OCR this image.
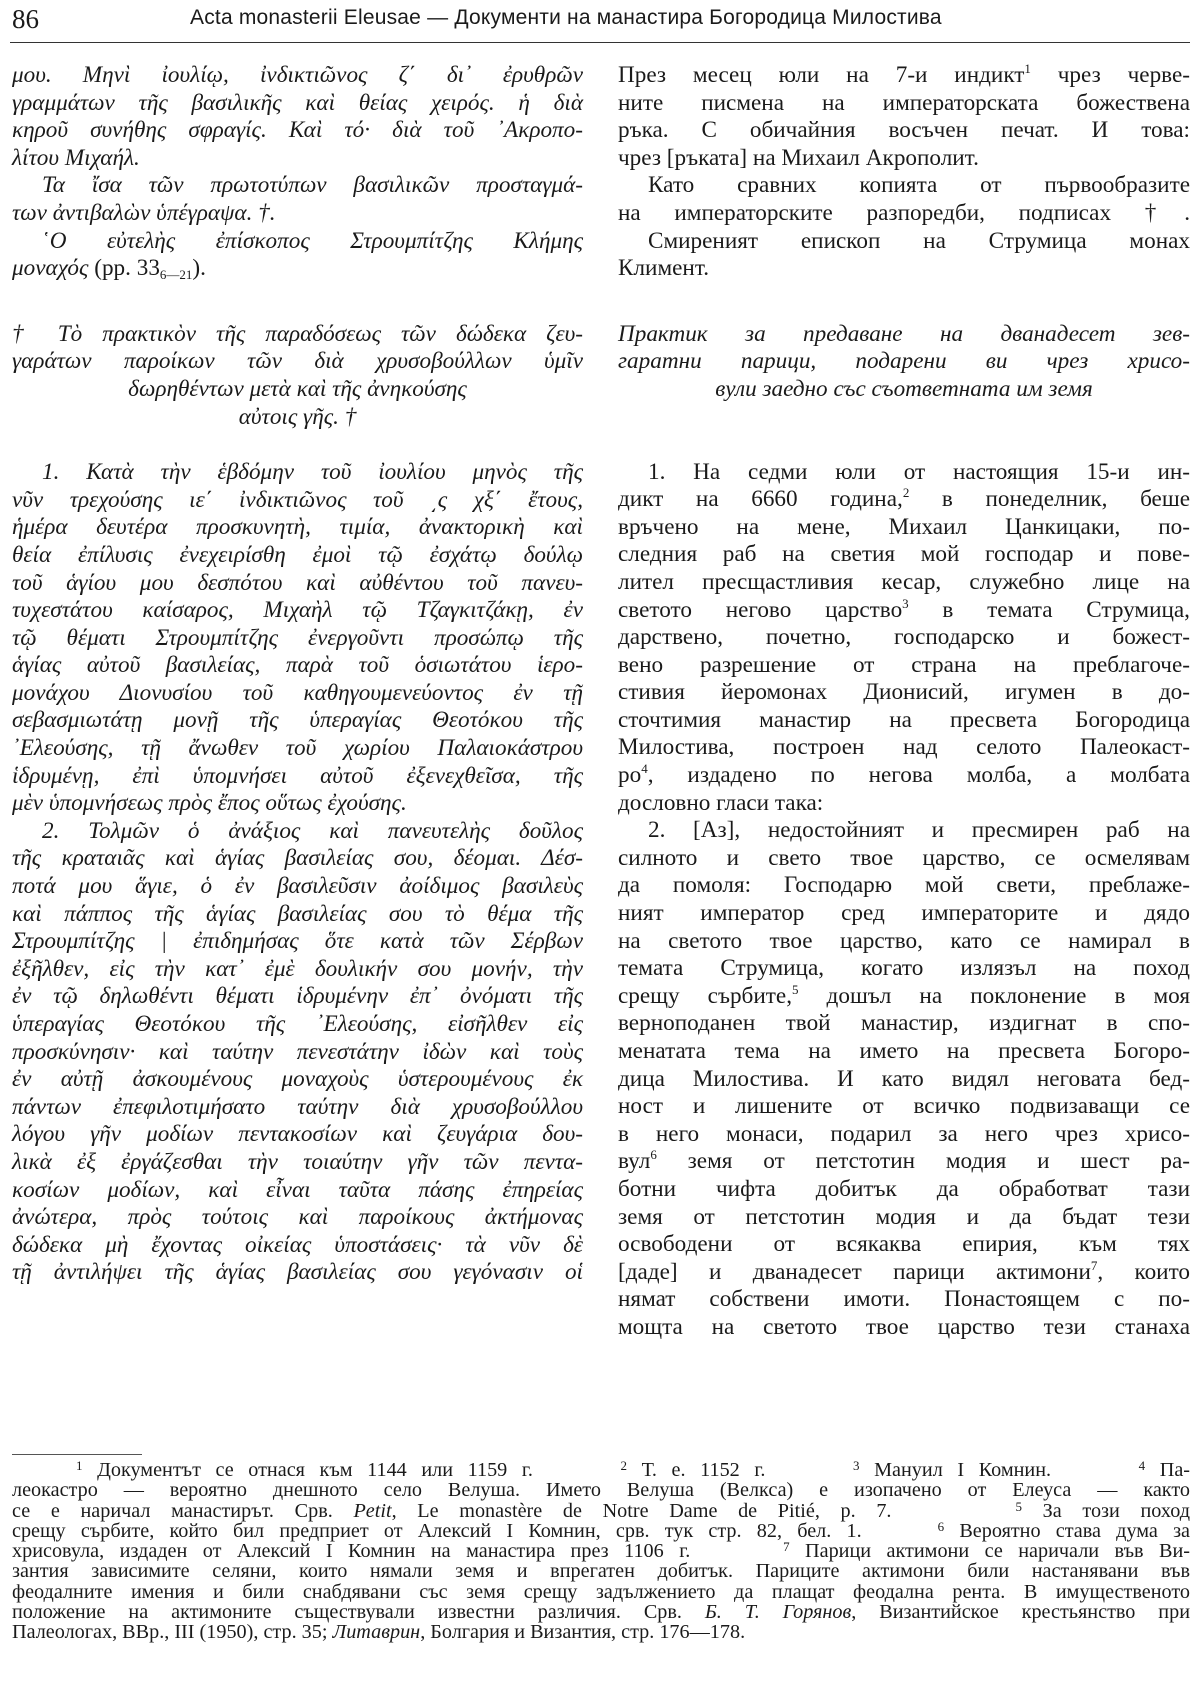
86	Acta monasterii Eleusae — Документи на манастира Богородица Милостива
μου. Μηνὶ ἰουλίῳ, ἰνδικτιῶνος ζ΄ δι᾿ ἐρυθρῶν
γραμμάτων τῆς βασιλικῆς καὶ θείας χειρός. ἡ διὰ
κηροῦ συνήθης σφραγίς. Καὶ τό· διὰ τοῦ ᾿Ακροπο-
λίτου Μιχαήλ.
Τα ἴσα τῶν πρωτοτύπων βασιλικῶν προσταγμά-
των ἀντιβαλὼν ὑπέγραψα. †.
῾Ο εὐτελὴς ἐπίσκοπος Στρουμπίτζης Κλήμης
μοναχός (pp. $33_{6—21}$).
† Τὸ πρακτικὸν τῆς παραδόσεως τῶν δώδεκα ζευ-
γαράτων παροίκων τῶν διὰ χρυσοβούλλων ὑμῖν
δωρηθέντων μετὰ καὶ τῆς ἀνηκούσης
αὐτοις γῆς. †
1. Κατὰ τὴν ἑβδόμην τοῦ ἰουλίου μηνὸς τῆς
νῦν τρεχούσης ιε΄ ἰνδικτιῶνος τοῦ ͵ς χξ΄ ἔτους,
ἡμέρα δευτέρα προσκυνητὴ, τιμία, ἀνακτορικὴ καὶ
θεία ἐπίλυσις ἐνεχειρίσθη ἐμοὶ τῷ ἐσχάτῳ δούλῳ
τοῦ ἁγίου μου δεσπότου καὶ αὐθέντου τοῦ πανευ-
τυχεστάτου καίσαρος, Μιχαὴλ τῷ Τζαγκιτζάκῃ, ἐν
τῷ θέματι Στρουμπίτζης ἐνεργοῦντι προσώπῳ τῆς
ἁγίας αὐτοῦ βασιλείας, παρὰ τοῦ ὁσιωτάτου ἱερο-
μονάχου Διονυσίου τοῦ καθηγουμενεύοντος ἐν τῇ
σεβασμιωτάτῃ μονῇ τῆς ὑπεραγίας Θεοτόκου τῆς
᾿Ελεούσης, τῇ ἄνωθεν τοῦ χωρίου Παλαιοκάστρου
ἱδρυμένῃ, ἐπὶ ὑπομνήσει αὐτοῦ ἐξενεχθεῖσα, τῆς
μὲν ὑπομνήσεως πρὸς ἔπος οὕτως ἐχούσης.
2. Τολμῶν ὁ ἀνάξιος καὶ πανευτελὴς δοῦλος
τῆς κραταιᾶς καὶ ἁγίας βασιλείας σου, δέομαι. Δέσ-
ποτά μου ἅγιε, ὁ ἐν βασιλεῦσιν ἀοίδιμος βασιλεὺς
καὶ πάππος τῆς ἁγίας βασιλείας σου τὸ θέμα τῆς
Στρουμπίτζης | ἐπιδημήσας ὅτε κατὰ τῶν Σέρβων
ἐξῆλθεν, εἰς τὴν κατ᾿ ἐμὲ δουλικήν σου μονήν, τὴν
ἐν τῷ δηλωθέντι θέματι ἱδρυμένην ἐπ᾿ ὀνόματι τῆς
ὑπεραγίας Θεοτόκου τῆς ᾿Ελεούσης, εἰσῆλθεν εἰς
προσκύνησιν· καὶ ταύτην πενεστάτην ἰδὼν καὶ τοὺς
ἐν αὐτῇ ἀσκουμένους μοναχοὺς ὑστερουμένους ἐκ
πάντων ἐπεφιλοτιμήσατο ταύτην διὰ χρυσοβούλλου
λόγου γῆν μοδίων πεντακοσίων καὶ ζευγάρια δου-
λικὰ ἐξ ἐργάζεσθαι τὴν τοιαύτην γῆν τῶν πεντα-
κοσίων μοδίων, καὶ εἶναι ταῦτα πάσης ἐπηρείας
ἀνώτερα, πρὸς τούτοις καὶ παροίκους ἀκτήμονας
δώδεκα μὴ ἔχοντας οἰκείας ὑποστάσεις· τὰ νῦν δὲ
τῇ ἀντιλήψει τῆς ἁγίας βασιλείας σου γεγόνασιν οἱ
През месец юли на 7-и индикт$^1$ чрез черве-
ните писмена на императорската божествена
ръка. С обичайния восъчен печат. И това:
чрез [ръката] на Михаил Акрополит.
Като сравних копията от първообразите
на императорските разпоредби, подписах †.
Смиреният епископ на Струмица монах
Климент.
Практик за предаване на дванадесет зев-
гаратни парици, подарени ви чрез хрисо-
вули заедно със съответната им земя
1. На седми юли от настоящия 15-и ин-
дикт на 6660 година,$^2$ в понеделник, беше
връчено на мене, Михаил Цанкицаки, по-
следния раб на светия мой господар и пове-
лител пресщастливия кесар, служебно лице на
светото негово царство$^3$ в темата Струмица,
дарствено, почетно, господарско и божест-
вено разрешение от страна на преблагоче-
стивия йеромонах Дионисий, игумен в до-
сточтимия манастир на пресвета Богородица
Милостива, построен над селото Палеокаст-
$ро^4$, издадено по негова молба, а молбата
дословно гласи така:
2. [Аз], недостойният и пресмирен раб на
силното и свето твое царство, се осмелявам
да помоля: Господарю мой свети, преблаже-
ният император сред императорите и дядо
на светото твое царство, като се намирал в
темата Струмица, когато излязъл на поход
срещу сърбите,$^5$ дошъл на поклонение в моя
верноподанен твой манастир, издигнат в спо-
менатата тема на името на пресвета Богоро-
дица Милостива. И като видял неговата бед-
ност и лишените от всичко подвизаващи се
в него монаси, подарил за него чрез хрисо-
вул$^6$ земя от петстотин модия и шест ра-
ботни чифта добитък да обработват тази
земя от петстотин модия и да бъдат тези
освободени от всякаква епирия, към тях
[даде] и дванадесет парици актимони$^7$, които
нямат собствени имоти. Понастоящем с по-
мощта на светото твое царство тези станаха
$^1$ Документът се отнася към 1144 или 1159 г.	$^2$ Т. е. 1152 г.	$^3$ Мануил I Комнин.	$^4$ Па-
леокастро — вероятно днешното село Велуша. Името Велуша (Велкса) е изопачено от Елеуса — както
се е наричал манастирът. Срв. Petit, Le monastère de Notre Dame de Pitié, p. 7.	$^5$ За този поход
срещу сърбите, който бил предприет от Алексий I Комнин, срв. тук стр. 82, бел. 1.	$^6$ Вероятно става дума за
хрисовула, издаден от Алексий I Комнин на манастира през 1106 г.	$^7$ Парици актимони се наричали във Ви-
зантия зависимите селяни, които нямали земя и впрегатен добитък. Париците актимони били настанявани във
феодалните имения и били снабдявани със земя срещу задължението да плащат феодална рента. В имущественото
положение на актимоните съществували известни различия. Срв. Б. Т. Горянов, Византийское крестьянство при
Палеологах, ВВр., III (1950), стр. 35; Литаврин, Болгария и Византия, стр. 176—178.
